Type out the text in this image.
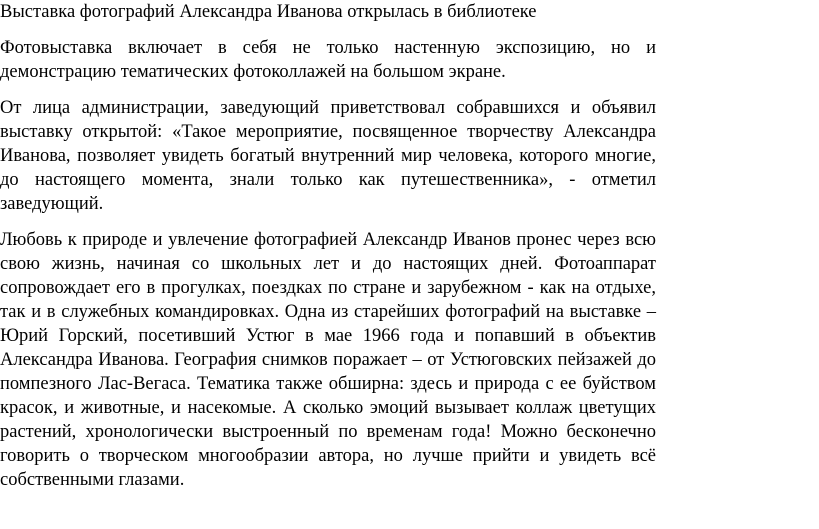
Выставка фотографий Александра Иванова открылась в библиотеке

Фотовыставка включает в себя не только настенную экспозицию, но и демонстрацию тематических фотоколлажей на большом экране.

От лица администрации, заведующий приветствовал собравшихся и объявил выставку открытой: «Такое мероприятие, посвященное творчеству Александра Иванова, позволяет увидеть богатый внутренний мир человека, которого многие, до настоящего момента, знали только как путешественника», - отметил заведующий.

Любовь к природе и увлечение фотографией Александр Иванов пронес через всю свою жизнь, начиная со школьных лет и до настоящих дней. Фотоаппарат сопровождает его в прогулках, поездках по стране и зарубежном - как на отдыхе, так и в служебных командировках. Одна из старейших фотографий на выставке – Юрий Горский, посетивший Устюг в мае 1966 года и попавший в объектив Александра Иванова. География снимков поражает – от Устюговских пейзажей до помпезного Лас-Вегаса. Тематика также обширна: здесь и природа с ее буйством красок, и животные, и насекомые. А сколько эмоций вызывает коллаж цветущих растений, хронологически выстроенный по временам года! Можно бесконечно говорить о творческом многообразии автора, но лучше прийти и увидеть всё собственными глазами.
